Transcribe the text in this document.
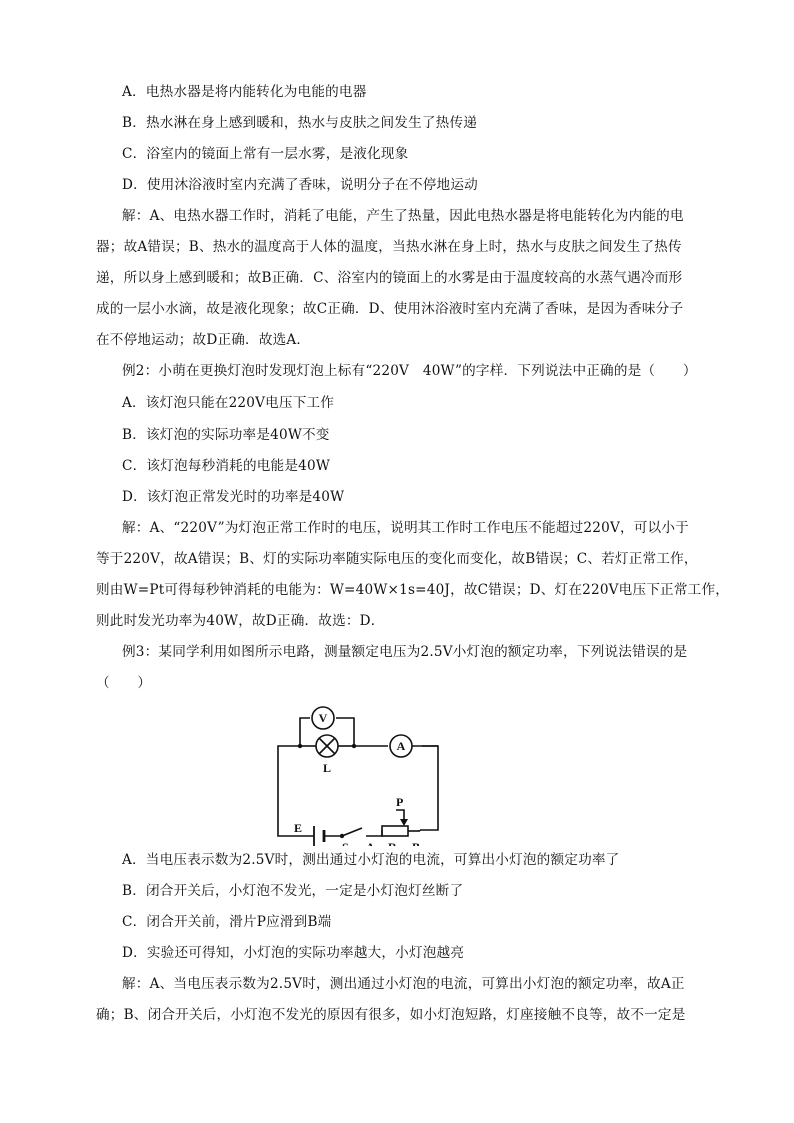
A．电热水器是将内能转化为电能的电器
B．热水淋在身上感到暖和，热水与皮肤之间发生了热传递
C．浴室内的镜面上常有一层水雾，是液化现象
D．使用沐浴液时室内充满了香味，说明分子在不停地运动
解：A、电热水器工作时，消耗了电能，产生了热量，因此电热水器是将电能转化为内能的电
器；故A错误；B、热水的温度高于人体的温度，当热水淋在身上时，热水与皮肤之间发生了热传
递，所以身上感到暖和；故B正确．C、浴室内的镜面上的水雾是由于温度较高的水蒸气遇冷而形
成的一层小水滴，故是液化现象；故C正确．D、使用沐浴液时室内充满了香味，是因为香味分子
在不停地运动；故D正确．故选A．
例2：小萌在更换灯泡时发现灯泡上标有“220V　40W”的字样．下列说法中正确的是（　　）
A．该灯泡只能在220V电压下工作
B．该灯泡的实际功率是40W不变
C．该灯泡每秒消耗的电能是40W
D．该灯泡正常发光时的功率是40W
解：A、“220V”为灯泡正常工作时的电压，说明其工作时工作电压不能超过220V，可以小于
等于220V，故A错误；B、灯的实际功率随实际电压的变化而变化，故B错误；C、若灯正常工作，
则由W=Pt可得每秒钟消耗的电能为：W=40W×1s=40J，故C错误；D、灯在220V电压下正常工作，
则此时发光功率为40W，故D正确．故选：D．
例3：某同学利用如图所示电路，测量额定电压为2.5V小灯泡的额定功率，下列说法错误的是
（　　）
V
A
L
E
P
A．当电压表示数为2.5V时，测出通过小灯泡的电流，可算出小灯泡的额定功率了
B．闭合开关后，小灯泡不发光，一定是小灯泡灯丝断了
C．闭合开关前，滑片P应滑到B端
D．实验还可得知，小灯泡的实际功率越大，小灯泡越亮
解：A、当电压表示数为2.5V时，测出通过小灯泡的电流，可算出小灯泡的额定功率，故A正
确；B、闭合开关后，小灯泡不发光的原因有很多，如小灯泡短路，灯座接触不良等，故不一定是
